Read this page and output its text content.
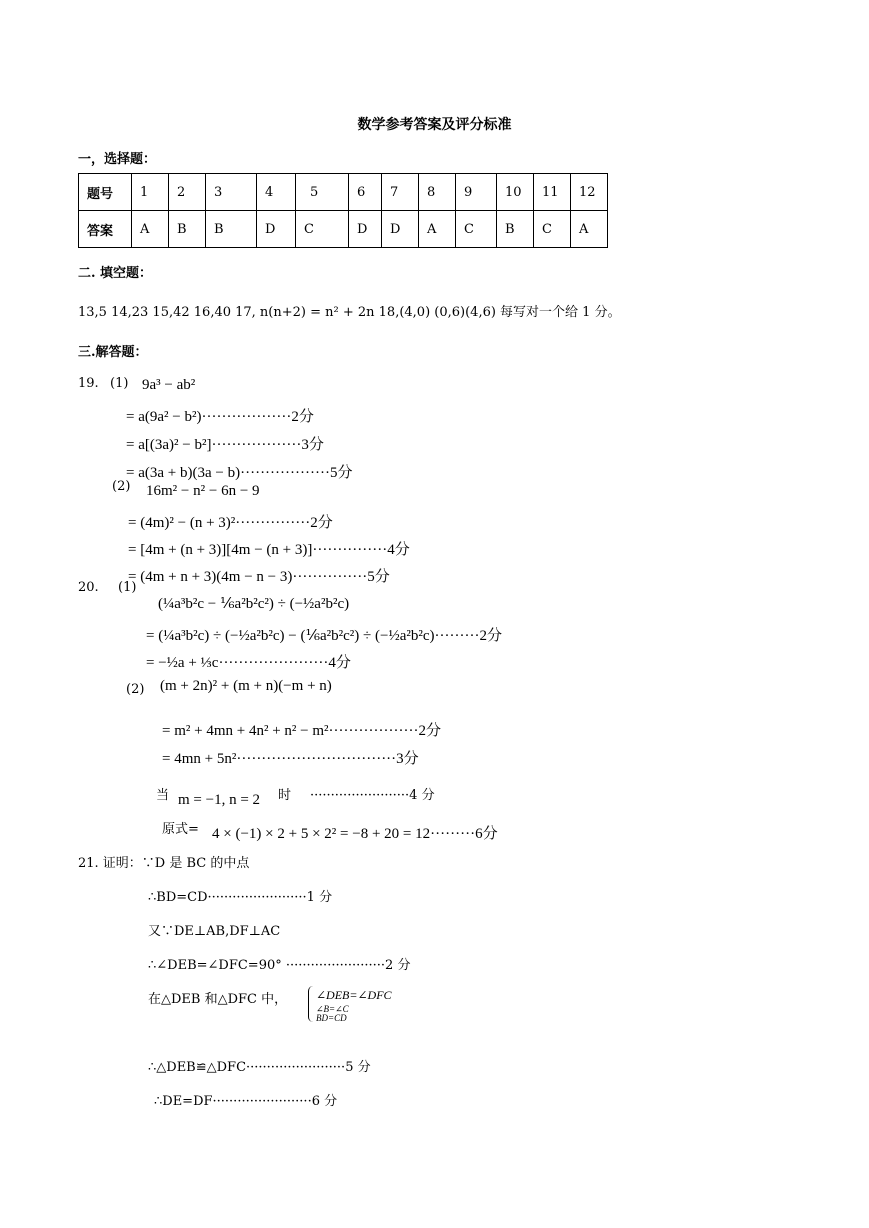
数学参考答案及评分标准
一，选择题：
题号	1	2	3	4	5	6	7	8	9	10	11	12
答案	A	B	B	D	C	D	D	A	C	B	C	A
二. 填空题：
13,5 14,23 15,42 16,40 17, n(n+2) = n² + 2n 18,(4,0) (0,6)(4,6) 每写对一个给 1 分。
三.解答题：
19. (1) 9a³ − ab²
= a(9a² − b²)··················2分
= a[(3a)² − b²]··················3分
= a(3a + b)(3a − b)··················5分
(2) 16m² − n² − 6n − 9
= (4m)² − (n + 3)²···············2分
= [4m + (n + 3)][4m − (n + 3)]···············4分
= (4m + n + 3)(4m − n − 3)···············5分
20. (1)
(¼a³b²c − ⅙a²b²c²) ÷ (−½a²b²c)
= (¼a³b²c) ÷ (−½a²b²c) − (⅙a²b²c²) ÷ (−½a²b²c)·········2分
= −½a + ⅓c······················4分
(2) (m + 2n)² + (m + n)(−m + n)
= m² + 4mn + 4n² + n² − m²··················2分
= 4mn + 5n²································3分
当 m = −1, n = 2 时 ························4 分
原式= 4 × (−1) × 2 + 5 × 2² = −8 + 20 = 12·········6分
21. 证明：∵D 是 BC 的中点
∴BD=CD························1 分
又∵DE⊥AB,DF⊥AC
∴∠DEB=∠DFC=90° ························2 分
在△DEB 和△DFC 中， ∠DEB=∠DFC
∠B=∠C
BD=CD
∴△DEB≌△DFC························5 分
∴DE=DF························6 分
